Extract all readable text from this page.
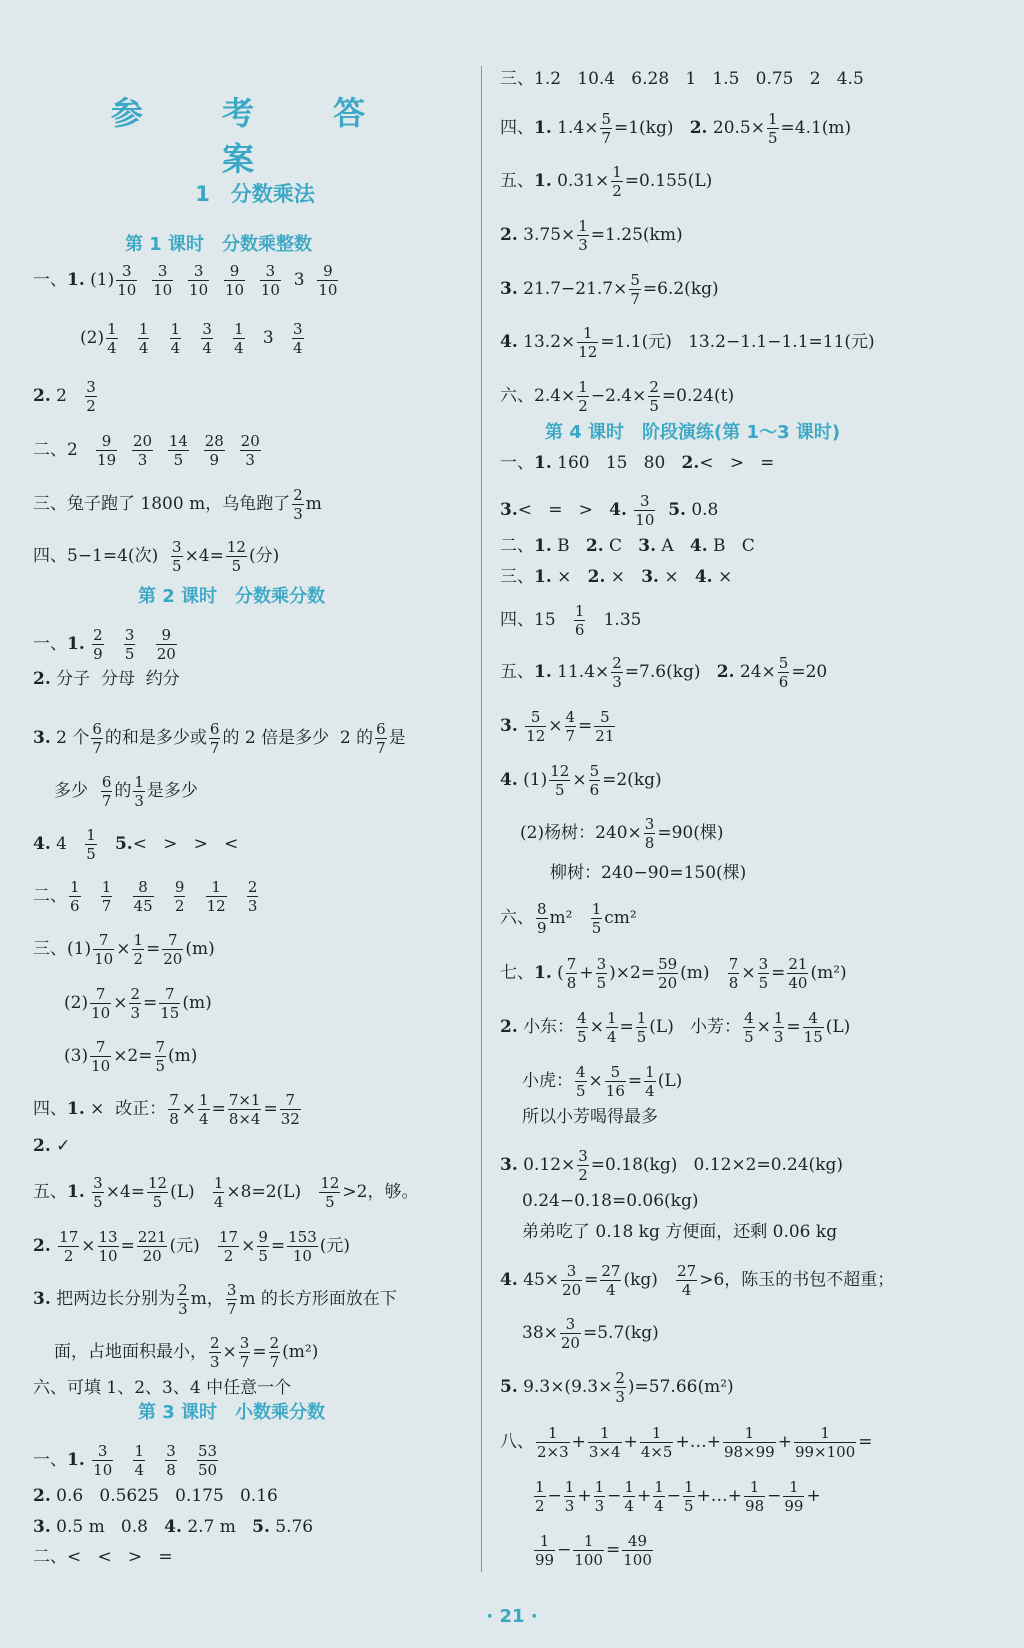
参 考 答 案
1　分数乘法
第 1 课时　分数乘整数
一、1. $(1) \frac{3}{10}$
$\frac{3}{10}$
$\frac{3}{10}$
$\frac{9}{10}$
$\frac{3}{10} 3 \frac{9}{10}$
$(2) \frac{1}{4}$
$\frac{1}{4}$
$\frac{1}{4}$
$\frac{3}{4}$
$\frac{1}{4} 3 \frac{3}{4}$
2. $2 \frac{3}{2}$
二、$2 \frac{9}{19}$
$\frac{20}{3}$
$\frac{14}{5}$
$\frac{28}{9}$
$\frac{20}{3}$
三、兔子跑了 1800 m，乌龟跑了 $\frac{2}{3}$ m
四、5−1=4(次) $\frac{3}{5} \times 4= \frac{12}{5}$ (分)
第 2 课时　分数乘分数
一、1. $\frac{2}{9}$
$\frac{3}{5}$
$\frac{9}{20}$
2. 分子  分母  约分
3. 2 个 $\frac{6}{7}$ 的和是多少或 $\frac{6}{7}$ 的 2 倍是多少  2 的 $\frac{6}{7}$ 是
多少 $\frac{6}{7}$ 的 $\frac{1}{3}$ 是多少
4. $4 \frac{1}{5} 5.<$   >   >   <
二、 $\frac{1}{6}$
$\frac{1}{7}$
$\frac{8}{45}$
$\frac{9}{2}$
$\frac{1}{12}$
$\frac{2}{3}$
三、$(1) \frac{7}{10} \times \frac{1}{2} = \frac{7}{20} (m)$
$(2) \frac{7}{10} \times \frac{2}{3} = \frac{7}{15} (m)$
$(3) \frac{7}{10} \times 2= \frac{7}{5} (m)$
四、1. ×  改正： $\frac{7}{8} \times \frac{1}{4} = \frac{7\times 1}{8\times 4} = \frac{7}{32}$
2. ✓
五、1. $\frac{3}{5} \times 4= \frac{12}{5} (L) \frac{1}{4} \times 8=2(L) \frac{12}{5} >2$，够。
2. $\frac{17}{2} \times \frac{13}{10} = \frac{221}{20}$ (元) $\frac{17}{2} \times \frac{9}{5} = \frac{153}{10}$ (元)
3. 把两边长分别为 $\frac{2}{3}$ m， $\frac{3}{7}$ m 的长方形面放在下
面，占地面积最小， $\frac{2}{3} \times \frac{3}{7} = \frac{2}{7} (m^2)$
六、可填 1、2、3、4 中任意一个
第 3 课时　小数乘分数
一、1. $\frac{3}{10}$
$\frac{1}{4}$
$\frac{3}{8}$
$\frac{53}{50}$
2. 0.6   0.5625   0.175   0.16
3. 0.5 m   0.8   4. 2.7 m   5. 5.76
二、<   <   >   =
三、1.2   10.4   6.28   1   1.5   0.75   2   4.5
四、1. $1.4\times \frac{5}{7} =1(kg)$   2. $20.5\times \frac{1}{5} =4.1(m)$
五、1. $0.31\times \frac{1}{2} =0.155(L)$
2. $3.75\times \frac{1}{3} =1.25(km)$
3. $21.7-21.7\times \frac{5}{7} =6.2(kg)$
4. $13.2\times \frac{1}{12} =1.1$(元)   13.2−1.1−1.1=11(元)
六、$2.4\times \frac{1}{2} -2.4\times \frac{2}{5} =0.24(t)$
第 4 课时　阶段演练(第 1～3 课时)
一、1. 160   15   80   2.<   >   =
3.<   =   >   4. $\frac{3}{10} 5$. 0.8
二、1. B   2. C   3. A   4. B   C
三、1. ×   2. ×   3. ×   4. ×
四、$15 \frac{1}{6} 1.35$
五、1. $11.4\times \frac{2}{3} =7.6(kg)$   2. $24\times \frac{5}{6} =20$
3. $\frac{5}{12} \times \frac{4}{7} = \frac{5}{21}$
4. $(1) \frac{12}{5} \times \frac{5}{6} =2(kg)$
(2)杨树：$240\times \frac{3}{8} =90$(棵)
柳树：240−90=150(棵)
六、 $\frac{8}{9} m^2 \frac{1}{5} cm^2$
七、1. ( $\frac{7}{8} + \frac{3}{5} )\times 2= \frac{59}{20} (m) \frac{7}{8} \times \frac{3}{5} = \frac{21}{40} (m^2)$
2. 小东： $\frac{4}{5} \times \frac{1}{4} = \frac{1}{5} (L)$   小芳： $\frac{4}{5} \times \frac{1}{3} = \frac{4}{15} (L)$
小虎： $\frac{4}{5} \times \frac{5}{16} = \frac{1}{4} (L)$
所以小芳喝得最多
3. $0.12\times \frac{3}{2} =0.18(kg)$   0.12×2=0.24(kg)
0.24−0.18=0.06(kg)
弟弟吃了 0.18 kg 方便面，还剩 0.06 kg
4. $45\times \frac{3}{20} = \frac{27}{4} (kg) \frac{27}{4} >6$，陈玉的书包不超重；
$38\times \frac{3}{20} =5.7(kg)$
5. $9.3\times(9.3\times \frac{2}{3} )=57.66(m^2)$
八、 $\frac{1}{2\times 3} + \frac{1}{3\times 4} + \frac{1}{4\times 5}$ +…+ $\frac{1}{98\times 99} + \frac{1}{99\times 100}$ =
$\frac{1}{2} - \frac{1}{3} + \frac{1}{3} - \frac{1}{4} + \frac{1}{4} - \frac{1}{5}$ +…+ $\frac{1}{98} - \frac{1}{99}$ +
$\frac{1}{99} - \frac{1}{100} = \frac{49}{100}$
· 21 ·
